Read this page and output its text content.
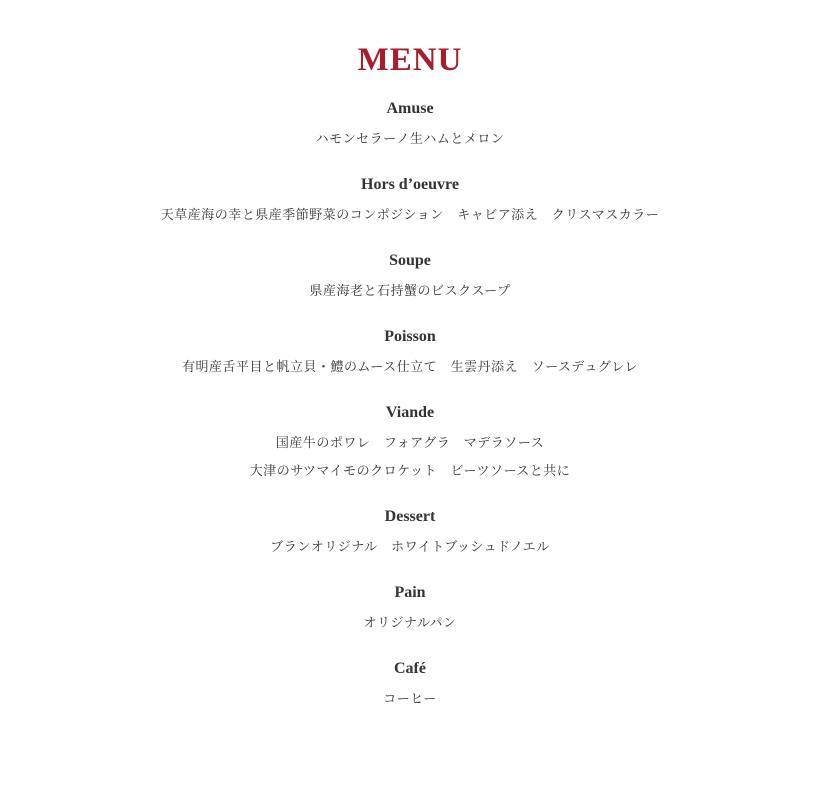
MENU
Amuse
ハモンセラーノ生ハムとメロン
Hors d’oeuvre
天草産海の幸と県産季節野菜のコンポジション　キャビア添え　クリスマスカラー
Soupe
県産海老と石持蟹のビスクスープ
Poisson
有明産舌平目と帆立貝・鱧のムース仕立て　生雲丹添え　ソースデュグレレ
Viande
国産牛のポワレ　フォアグラ　マデラソース
大津のサツマイモのクロケット　ビーツソースと共に
Dessert
ブランオリジナル　ホワイトブッシュドノエル
Pain
オリジナルパン
Café
コーヒー
